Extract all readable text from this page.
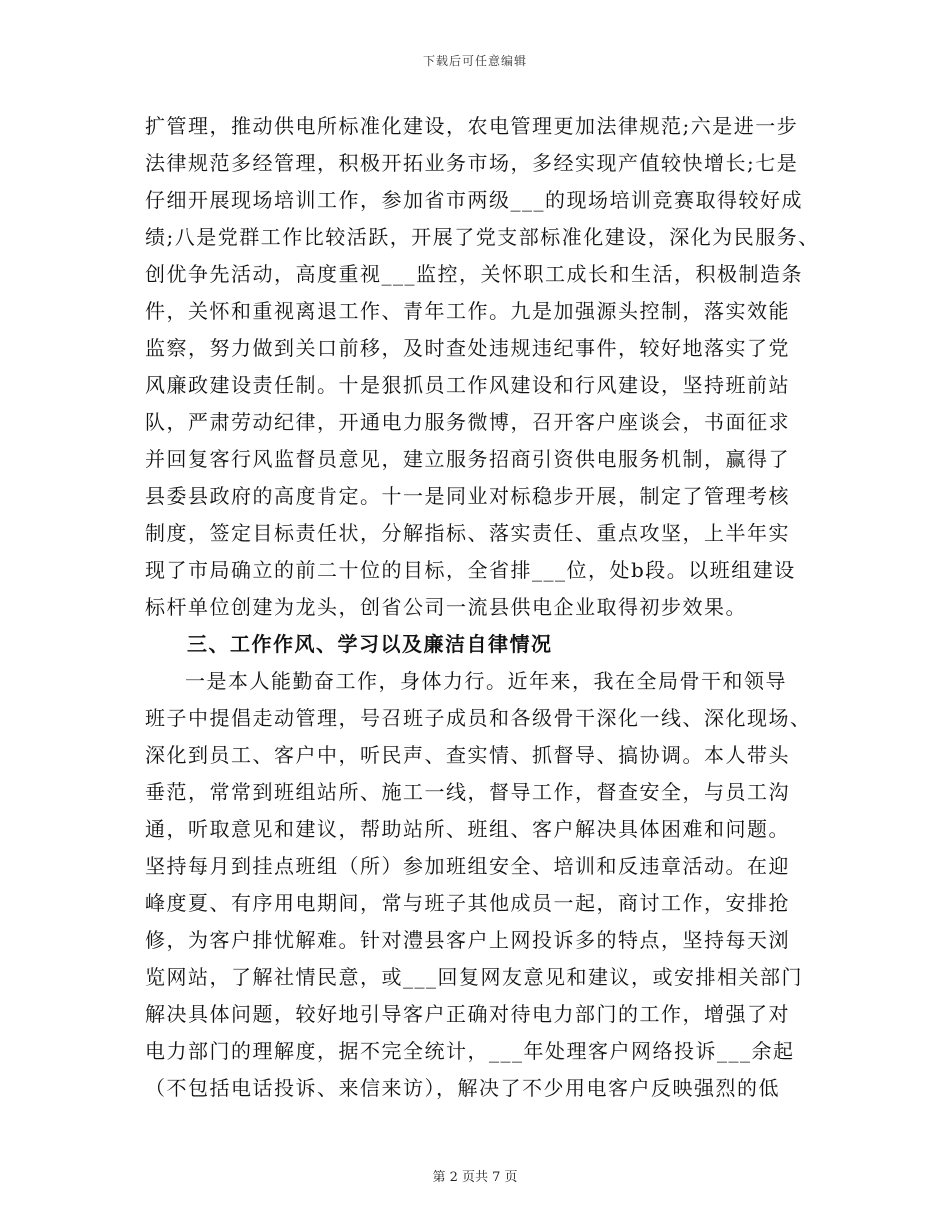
下载后可任意编辑
扩管理，推动供电所标准化建设，农电管理更加法律规范;六是进一步
法律规范多经管理，积极开拓业务市场，多经实现产值较快增长;七是
仔细开展现场培训工作，参加省市两级___的现场培训竞赛取得较好成
绩;八是党群工作比较活跃，开展了党支部标准化建设，深化为民服务、
创优争先活动，高度重视___监控，关怀职工成长和生活，积极制造条
件，关怀和重视离退工作、青年工作。九是加强源头控制，落实效能
监察，努力做到关口前移，及时查处违规违纪事件，较好地落实了党
风廉政建设责任制。十是狠抓员工作风建设和行风建设，坚持班前站
队，严肃劳动纪律，开通电力服务微博，召开客户座谈会，书面征求
并回复客行风监督员意见，建立服务招商引资供电服务机制，赢得了
县委县政府的高度肯定。十一是同业对标稳步开展，制定了管理考核
制度，签定目标责任状，分解指标、落实责任、重点攻坚，上半年实
现了市局确立的前二十位的目标，全省排___位，处b段。以班组建设
标杆单位创建为龙头，创省公司一流县供电企业取得初步效果。
三、工作作风、学习以及廉洁自律情况
一是本人能勤奋工作，身体力行。近年来，我在全局骨干和领导
班子中提倡走动管理，号召班子成员和各级骨干深化一线、深化现场、
深化到员工、客户中，听民声、查实情、抓督导、搞协调。本人带头
垂范，常常到班组站所、施工一线，督导工作，督查安全，与员工沟
通，听取意见和建议，帮助站所、班组、客户解决具体困难和问题。
坚持每月到挂点班组（所）参加班组安全、培训和反违章活动。在迎
峰度夏、有序用电期间，常与班子其他成员一起，商讨工作，安排抢
修，为客户排忧解难。针对澧县客户上网投诉多的特点，坚持每天浏
览网站，了解社情民意，或___回复网友意见和建议，或安排相关部门
解决具体问题，较好地引导客户正确对待电力部门的工作，增强了对
电力部门的理解度，据不完全统计，___年处理客户网络投诉___余起
（不包括电话投诉、来信来访），解决了不少用电客户反映强烈的低
第 2 页共 7 页
